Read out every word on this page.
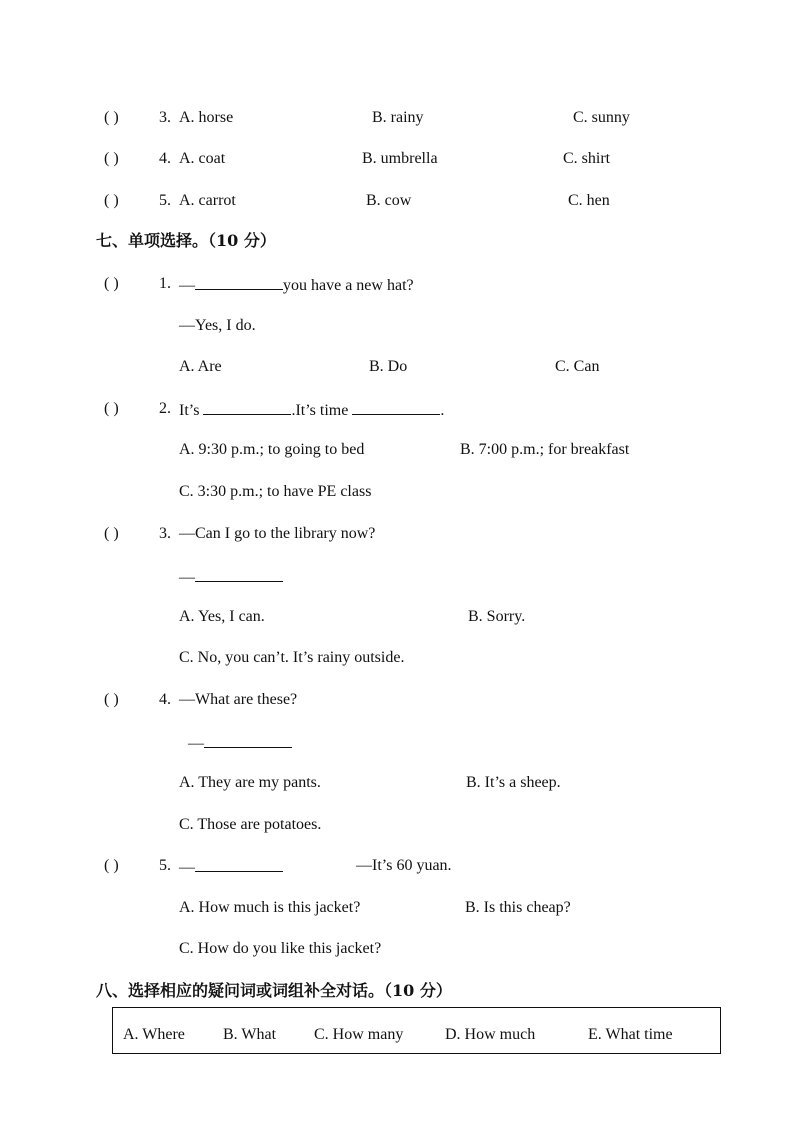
( )	3. A. horse	B. rainy	C. sunny
( )	4. A. coat	B. umbrella	C. shirt
( )	5. A. carrot	B. cow	C. hen
七、单项选择。（10 分）
( )	1. —	you have a new hat?
—Yes, I do.
A. Are	B. Do	C. Can
( )	2. It’s	.It’s time	.
A. 9:30 p.m.; to going to bed	B. 7:00 p.m.; for breakfast
C. 3:30 p.m.; to have PE class
( )	3. —Can I go to the library now?
—
A. Yes, I can.	B. Sorry.
C. No, you can’t. It’s rainy outside.
( )	4. —What are these?
—
A. They are my pants.	B. It’s a sheep.
C. Those are potatoes.
( )	5. —	—It’s 60 yuan.
A. How much is this jacket?	B. Is this cheap?
C. How do you like this jacket?
八、选择相应的疑问词或词组补全对话。（10 分）
A. Where B. What C. How many	D. How much	E. What time
